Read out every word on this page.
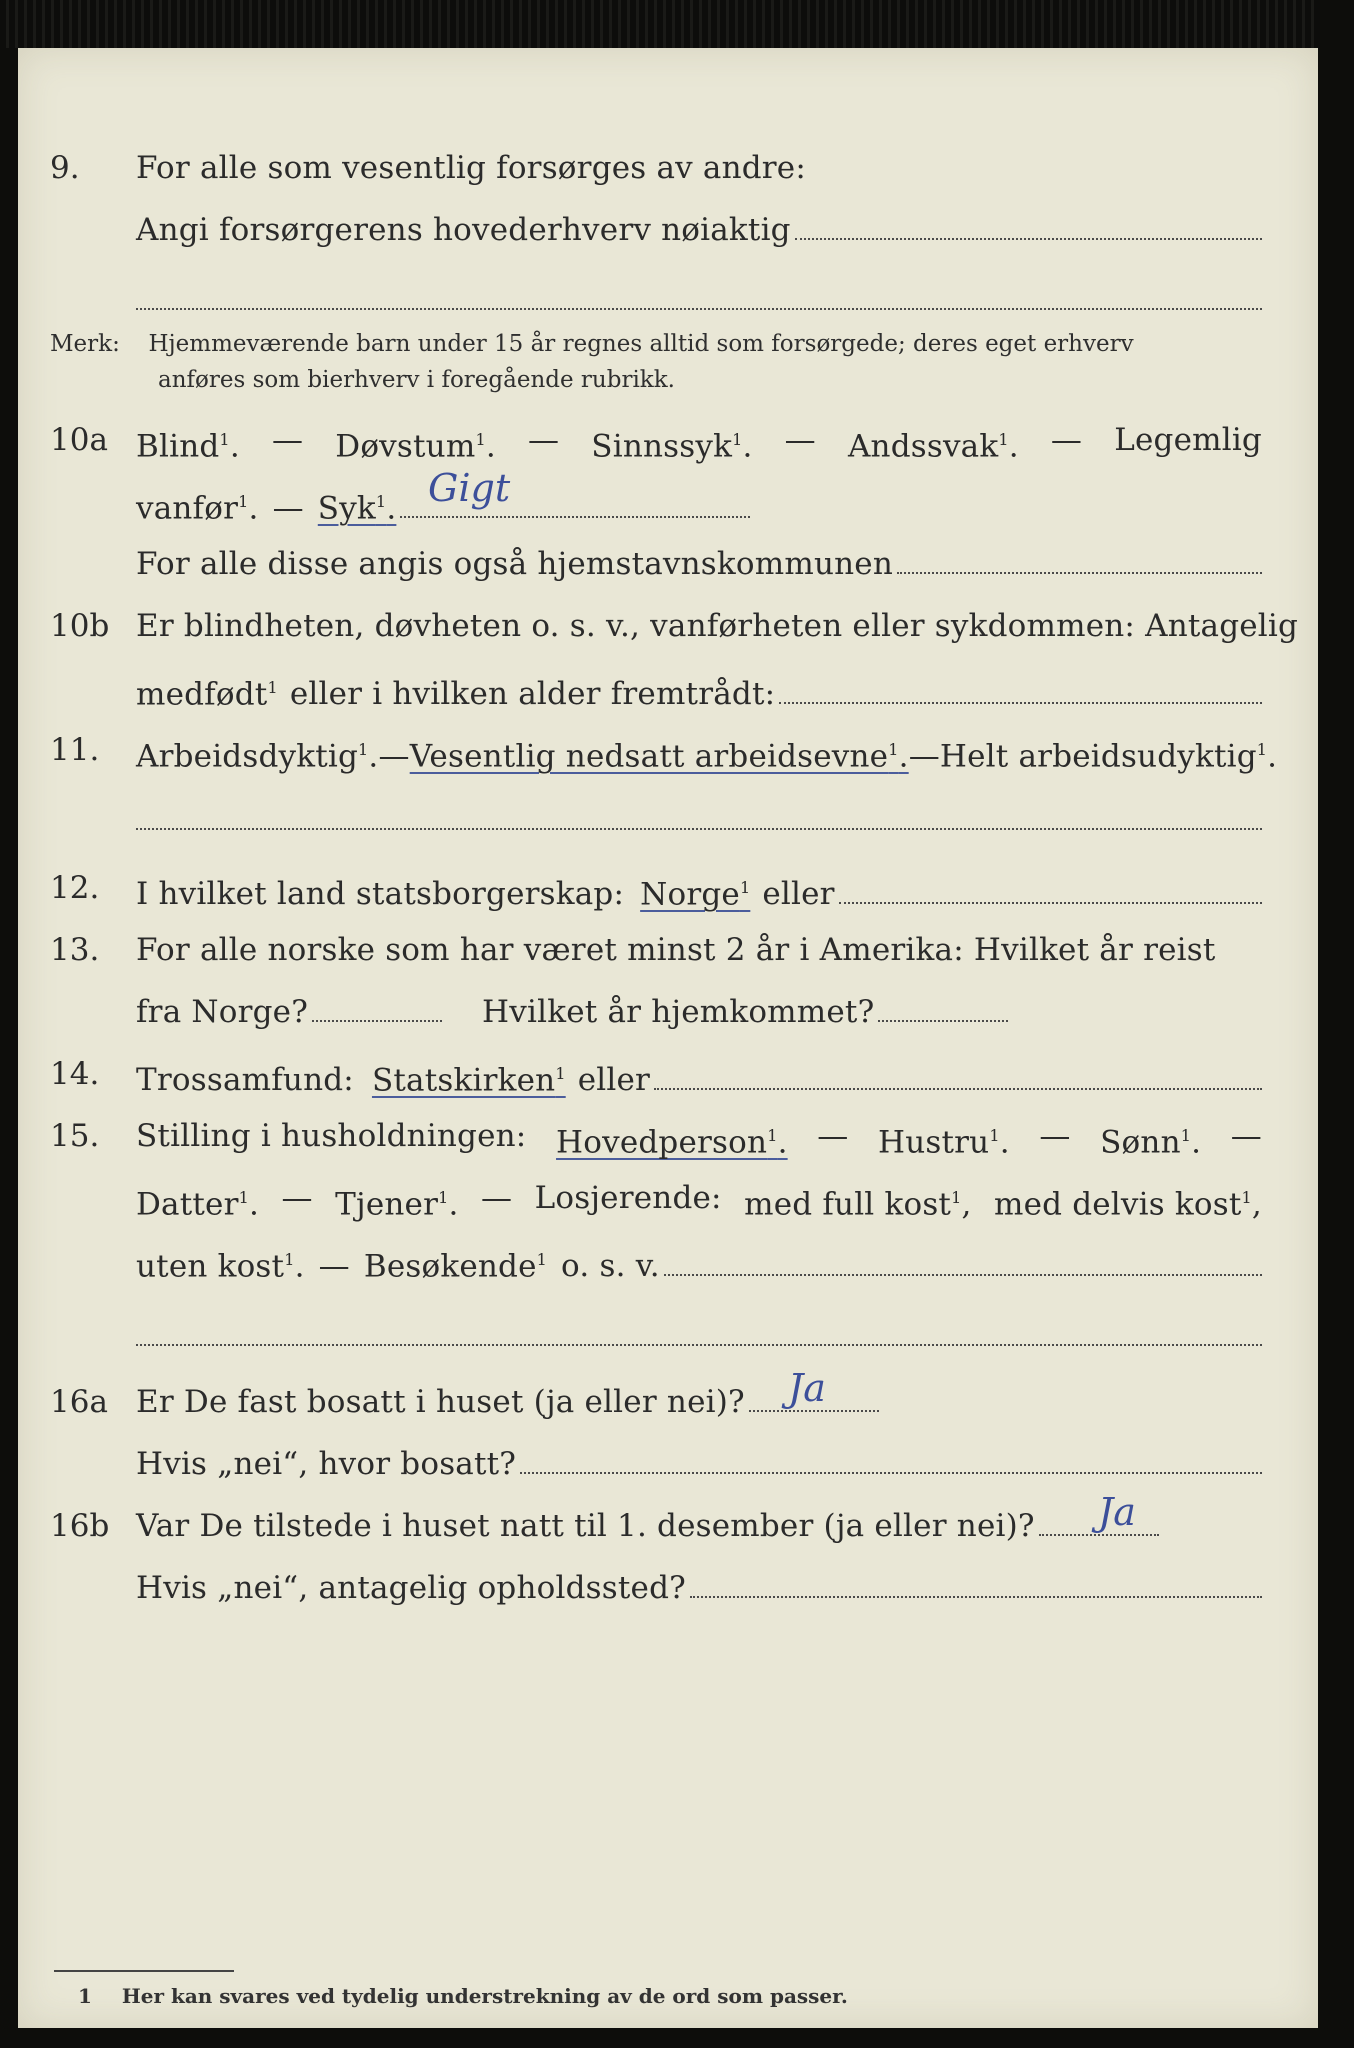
9.	For alle som vesentlig forsørges av andre:
Angi forsørgerens hovederhverv nøiaktig
Merk: Hjemmeværende barn under 15 år regnes alltid som forsørgede; deres eget erhverv
anføres som bierhverv i foregående rubrikk.
10a Blind$^1$. — Døvstum$^1$. — Sinnssyk$^1$. — Andssvak$^1$. — Legemlig
vanfør$^1$. — Syk$^1$. Gigt
For alle disse angis også hjemstavnskommunen
10b Er blindheten, døvheten o. s. v., vanførheten eller sykdommen: Antagelig
medfødt$^1$ eller i hvilken alder fremtrådt:
11.	Arbeidsdyktig$^1$. — Vesentlig nedsatt arbeidsevne$^1$. — Helt arbeidsudyktig$^1$.
12.	I hvilket land statsborgerskap: Norge$^1$ eller
13.	For alle norske som har været minst 2 år i Amerika: Hvilket år reist
fra Norge?	Hvilket år hjemkommet?
14.	Trossamfund: Statskirken$^1$ eller
15.	Stilling i husholdningen: Hovedperson$^1$. — Hustru$^1$. — Sønn$^1$. —
Datter$^1$. — Tjener$^1$. — Losjerende: med full kost$^1$, med delvis kost$^1$,
uten kost$^1$. — Besøkende$^1$ o. s. v.
16a Er De fast bosatt i huset (ja eller nei)? Ja
Hvis „nei“, hvor bosatt?
16b Var De tilstede i huset natt til 1. desember (ja eller nei)? Ja
Hvis „nei“, antagelig opholdssted?
1 Her kan svares ved tydelig understrekning av de ord som passer.
